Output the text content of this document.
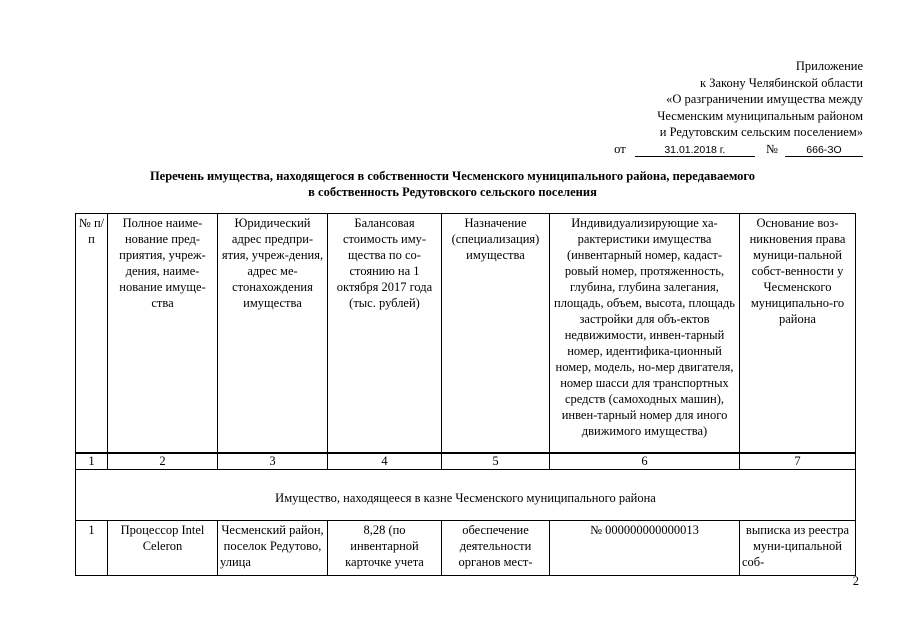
Приложение
к Закону Челябинской области
«О разграничении имущества между
Чесменским муниципальным районом
и Редутовским сельским поселением»
от	31.01.2018 г.	№	666-ЗО
Перечень имущества, находящегося в собственности Чесменского муниципального района, передаваемого
в собственность Редутовского сельского поселения
№ п/п	Полное наиме-нование пред-приятия, учреж-дения, наиме-нование имуще-ства	Юридический адрес предпри-ятия, учреж-дения, адрес ме-стонахождения имущества	Балансовая стоимость иму-щества по со-стоянию на 1 октября 2017 года (тыс. рублей)	Назначение (специализация) имущества	Индивидуализирующие ха-рактеристики имущества (инвентарный номер, кадаст-ровый номер, протяженность, глубина, глубина залегания, площадь, объем, высота, площадь застройки для объ-ектов недвижимости, инвен-тарный номер, идентифика-ционный номер, модель, но-мер двигателя, номер шасси для транспортных средств (самоходных машин), инвен-тарный номер для иного движимого имущества)	Основание воз-никновения права муници-пальной собст-венности у Чесменского муниципально-го района
1	2	3	4	5	6	7
Имущество, находящееся в казне Чесменского муниципального района						
1	Процессор Intel Celeron	Чесменский район, поселок Редутово, улица	8,28 (по инвентарной карточке учета	обеспечение деятельности органов мест-	№ 000000000000013	выписка из реестра муни-ципальной соб-
2
